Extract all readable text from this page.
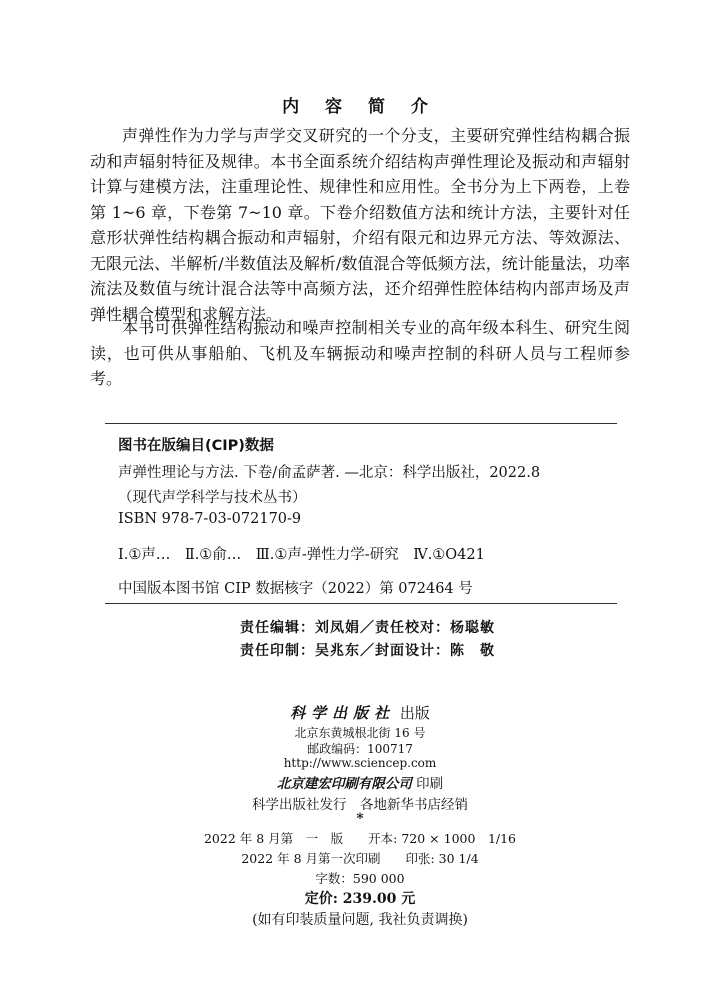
内 容 简 介
声弹性作为力学与声学交叉研究的一个分支，主要研究弹性结构耦合振动和声辐射特征及规律。本书全面系统介绍结构声弹性理论及振动和声辐射计算与建模方法，注重理论性、规律性和应用性。全书分为上下两卷，上卷第 1~6 章，下卷第 7~10 章。下卷介绍数值方法和统计方法，主要针对任意形状弹性结构耦合振动和声辐射，介绍有限元和边界元方法、等效源法、无限元法、半解析/半数值法及解析/数值混合等低频方法，统计能量法，功率流法及数值与统计混合法等中高频方法，还介绍弹性腔体结构内部声场及声弹性耦合模型和求解方法。
本书可供弹性结构振动和噪声控制相关专业的高年级本科生、研究生阅读，也可供从事船舶、飞机及车辆振动和噪声控制的科研人员与工程师参考。
图书在版编目(CIP)数据
声弹性理论与方法. 下卷/俞孟萨著. —北京：科学出版社，2022.8
（现代声学科学与技术丛书）
ISBN 978-7-03-072170-9
Ⅰ.①声…　Ⅱ.①俞…　Ⅲ.①声-弹性力学-研究　Ⅳ.①O421
中国版本图书馆 CIP 数据核字（2022）第 072464 号
责任编辑：刘凤娟／责任校对：杨聪敏
责任印制：吴兆东／封面设计：陈　敬
科学出版社 出版
北京东黄城根北街 16 号
邮政编码：100717
http://www.sciencep.com
北京建宏印刷有限公司 印刷
科学出版社发行　各地新华书店经销
*
2022 年 8 月第　一　版　　开本: 720 × 1000　1/16
2022 年 8 月第一次印刷　　印张: 30 1/4
字数：590 000
定价: 239.00 元
(如有印装质量问题, 我社负责调换)
